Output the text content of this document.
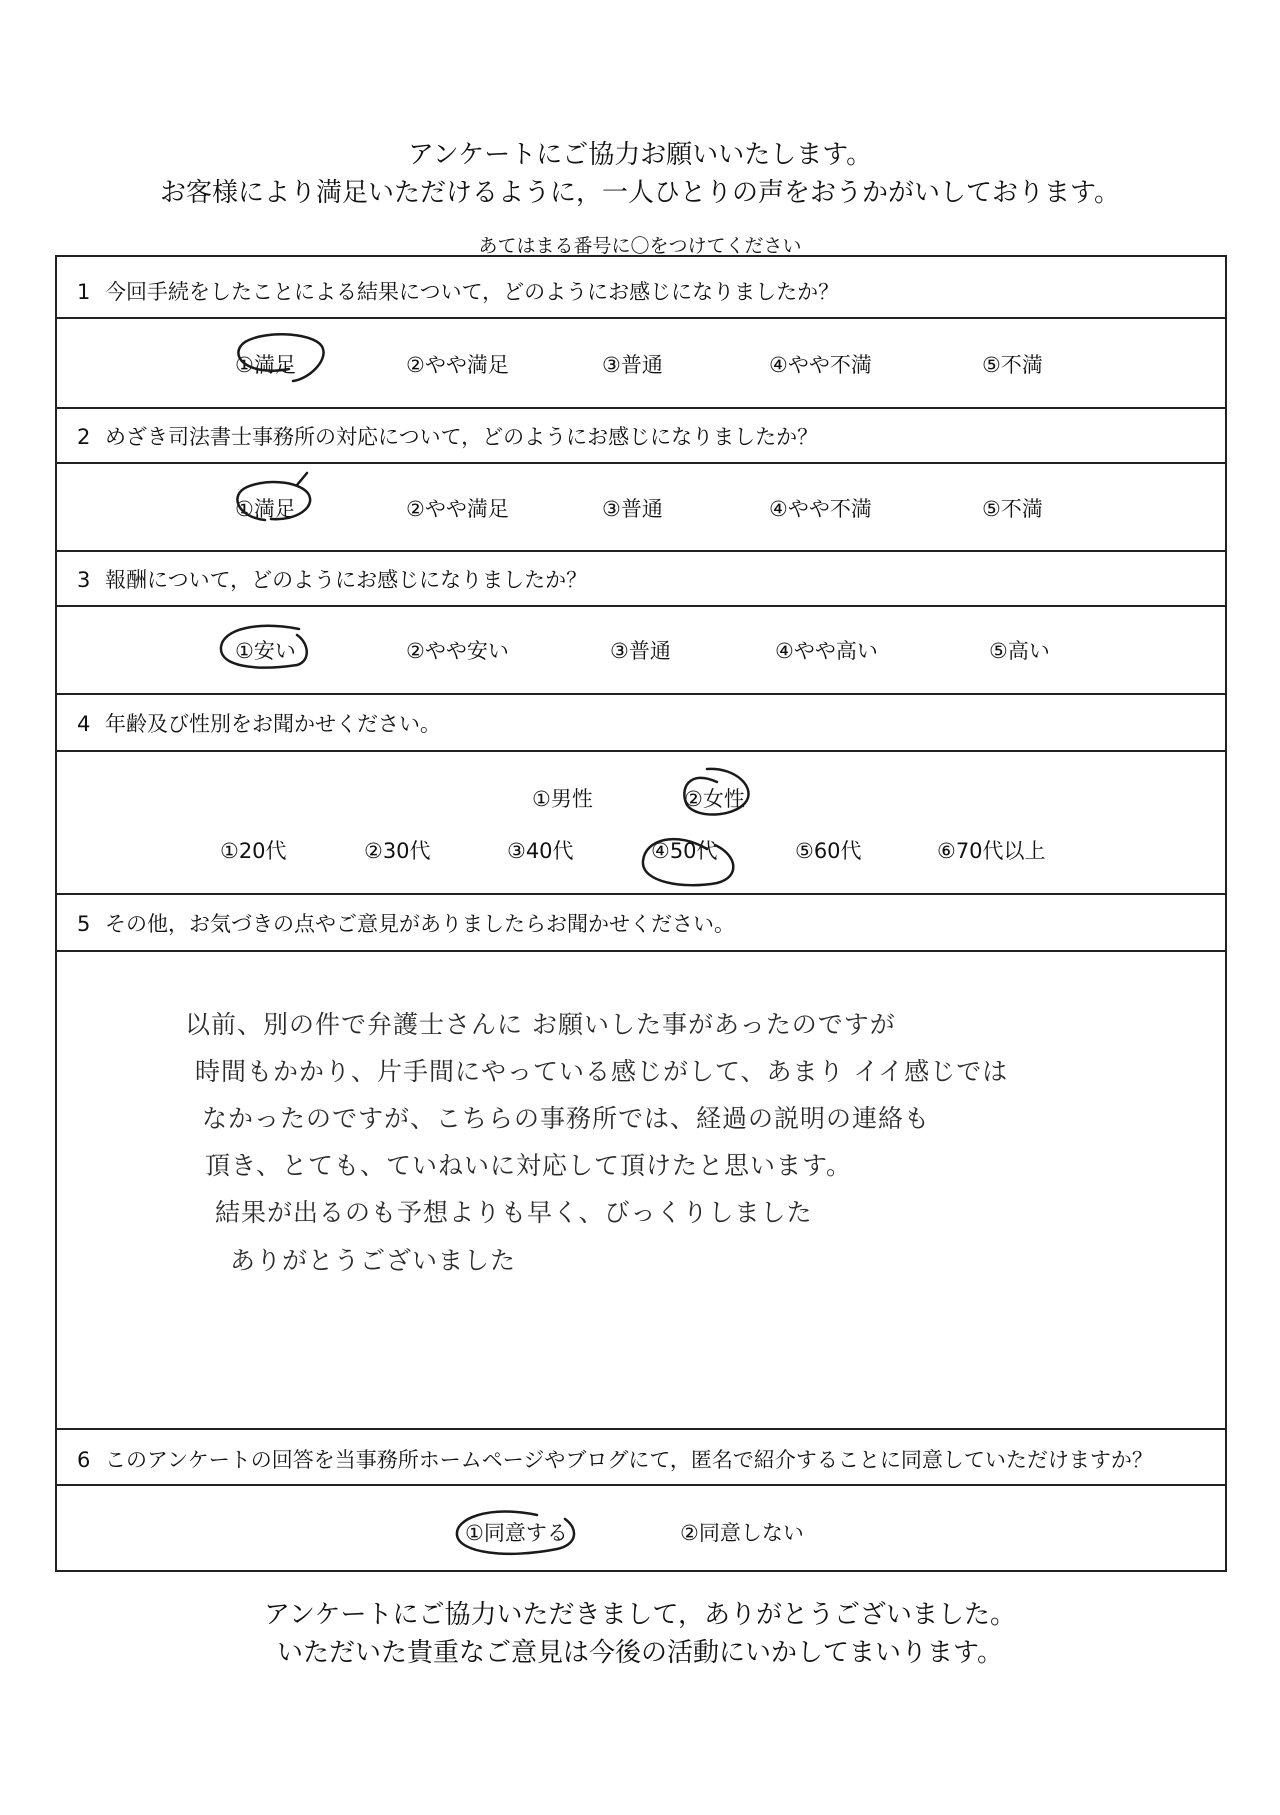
アンケートにご協力お願いいたします。
お客様により満足いただけるように，一人ひとりの声をおうかがいしております。
あてはまる番号に〇をつけてください
1 今回手続をしたことによる結果について，どのようにお感じになりましたか？
①満足	②やや満足	③普通	④やや不満	⑤不満
2 めざき司法書士事務所の対応について，どのようにお感じになりましたか？
①満足	②やや満足	③普通	④やや不満	⑤不満
3 報酬について，どのようにお感じになりましたか？
①安い	②やや安い	③普通	④やや高い	⑤高い
4 年齢及び性別をお聞かせください。
①男性	②女性
①20代	②30代	③40代	④50代	⑤60代	⑥70代以上
5 その他，お気づきの点やご意見がありましたらお聞かせください。
以前、別の件で弁護士さんに お願いした事があったのですが
時間もかかり、片手間にやっている感じがして、あまり イイ感じでは
なかったのですが、こちらの事務所では、経過の説明の連絡も
頂き、とても、ていねいに対応して頂けたと思います。
結果が出るのも予想よりも早く、びっくりしました
ありがとうございました
6 このアンケートの回答を当事務所ホームページやブログにて，匿名で紹介することに同意していただけますか？
①同意する	②同意しない
アンケートにご協力いただきまして，ありがとうございました。
いただいた貴重なご意見は今後の活動にいかしてまいります。
